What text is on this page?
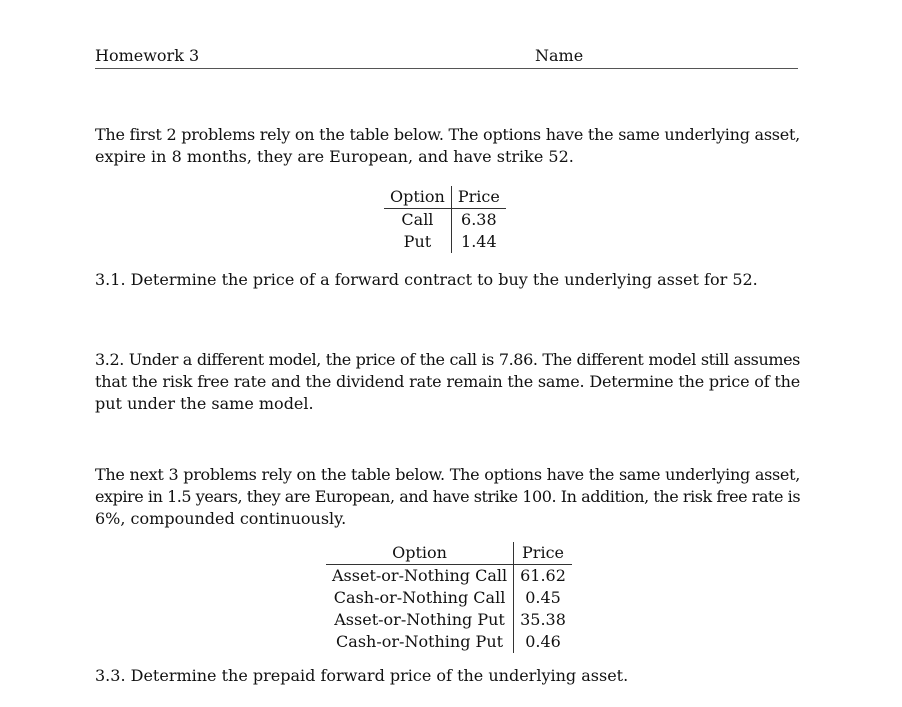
Homework 3	Name

The first 2 problems rely on the table below. The options have the same underlying asset,
expire in 8 months, they are European, and have strike 52.

Option	Price
Call	6.38
Put	1.44

3.1. Determine the price of a forward contract to buy the underlying asset for 52.

3.2. Under a different model, the price of the call is 7.86. The different model still assumes
that the risk free rate and the dividend rate remain the same. Determine the price of the
put under the same model.

The next 3 problems rely on the table below. The options have the same underlying asset,
expire in 1.5 years, they are European, and have strike 100. In addition, the risk free rate is
6%, compounded continuously.

Option	Price
Asset-or-Nothing Call	61.62
Cash-or-Nothing Call	0.45
Asset-or-Nothing Put	35.38
Cash-or-Nothing Put	0.46

3.3. Determine the prepaid forward price of the underlying asset.
